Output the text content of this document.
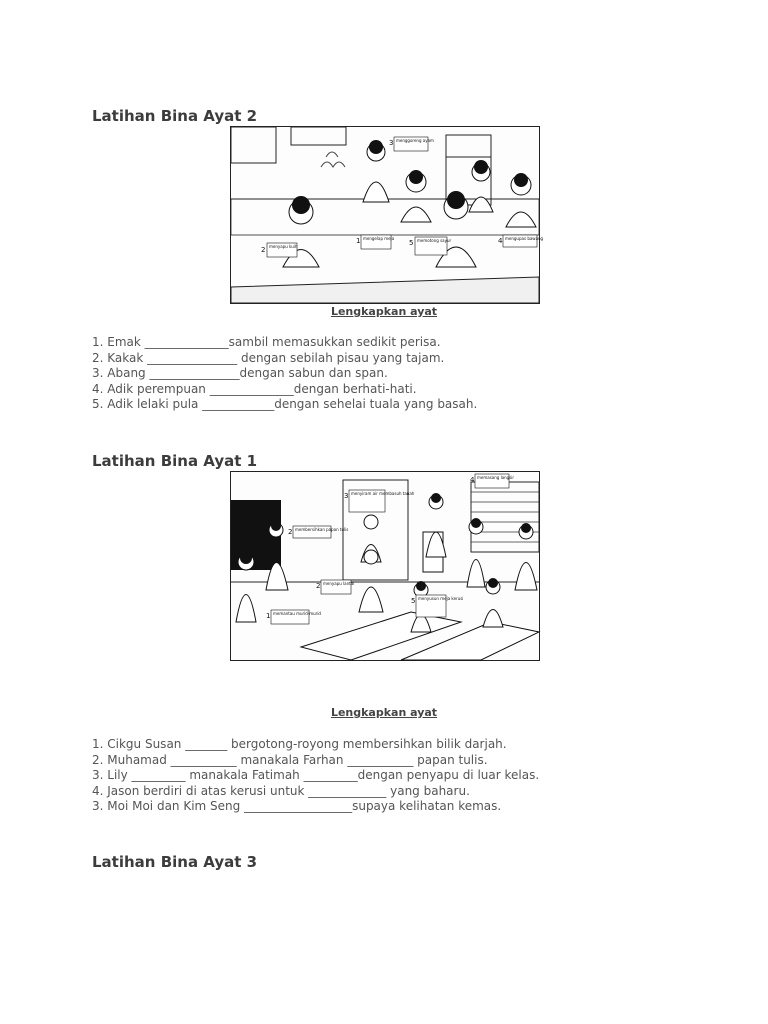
Latihan Bina Ayat 2
menggoreng ayam
menyapu kuih
mengelap meja	memotong sayur	mengupas bawang
3
2
1	4
5

Lengkapkan ayat

1. Emak ______________sambil memasukkan sedikit perisa.
2. Kakak _______________ dengan sebilah pisau yang tajam.
3. Abang _______________dengan sabun dan span.
4. Adik perempuan ______________dengan berhati-hati.
5. Adik lelaki pula ____________dengan sehelai tuala yang basah.
Latihan Bina Ayat 1
memasang langsir
menyiram air membasuh tanah
membersihkan papan tulis
menyapu lantai
memantau murid-murid
menyusun meja kerusi
4
3
2
2
1
5

Lengkapkan ayat

1. Cikgu Susan _______ bergotong-royong membersihkan bilik darjah.
2. Muhamad ___________ manakala Farhan ___________ papan tulis.
3. Lily _________ manakala Fatimah _________dengan penyapu di luar kelas.
4. Jason berdiri di atas kerusi untuk _____________ yang baharu.
3. Moi Moi dan Kim Seng __________________supaya kelihatan kemas.
Latihan Bina Ayat 3
